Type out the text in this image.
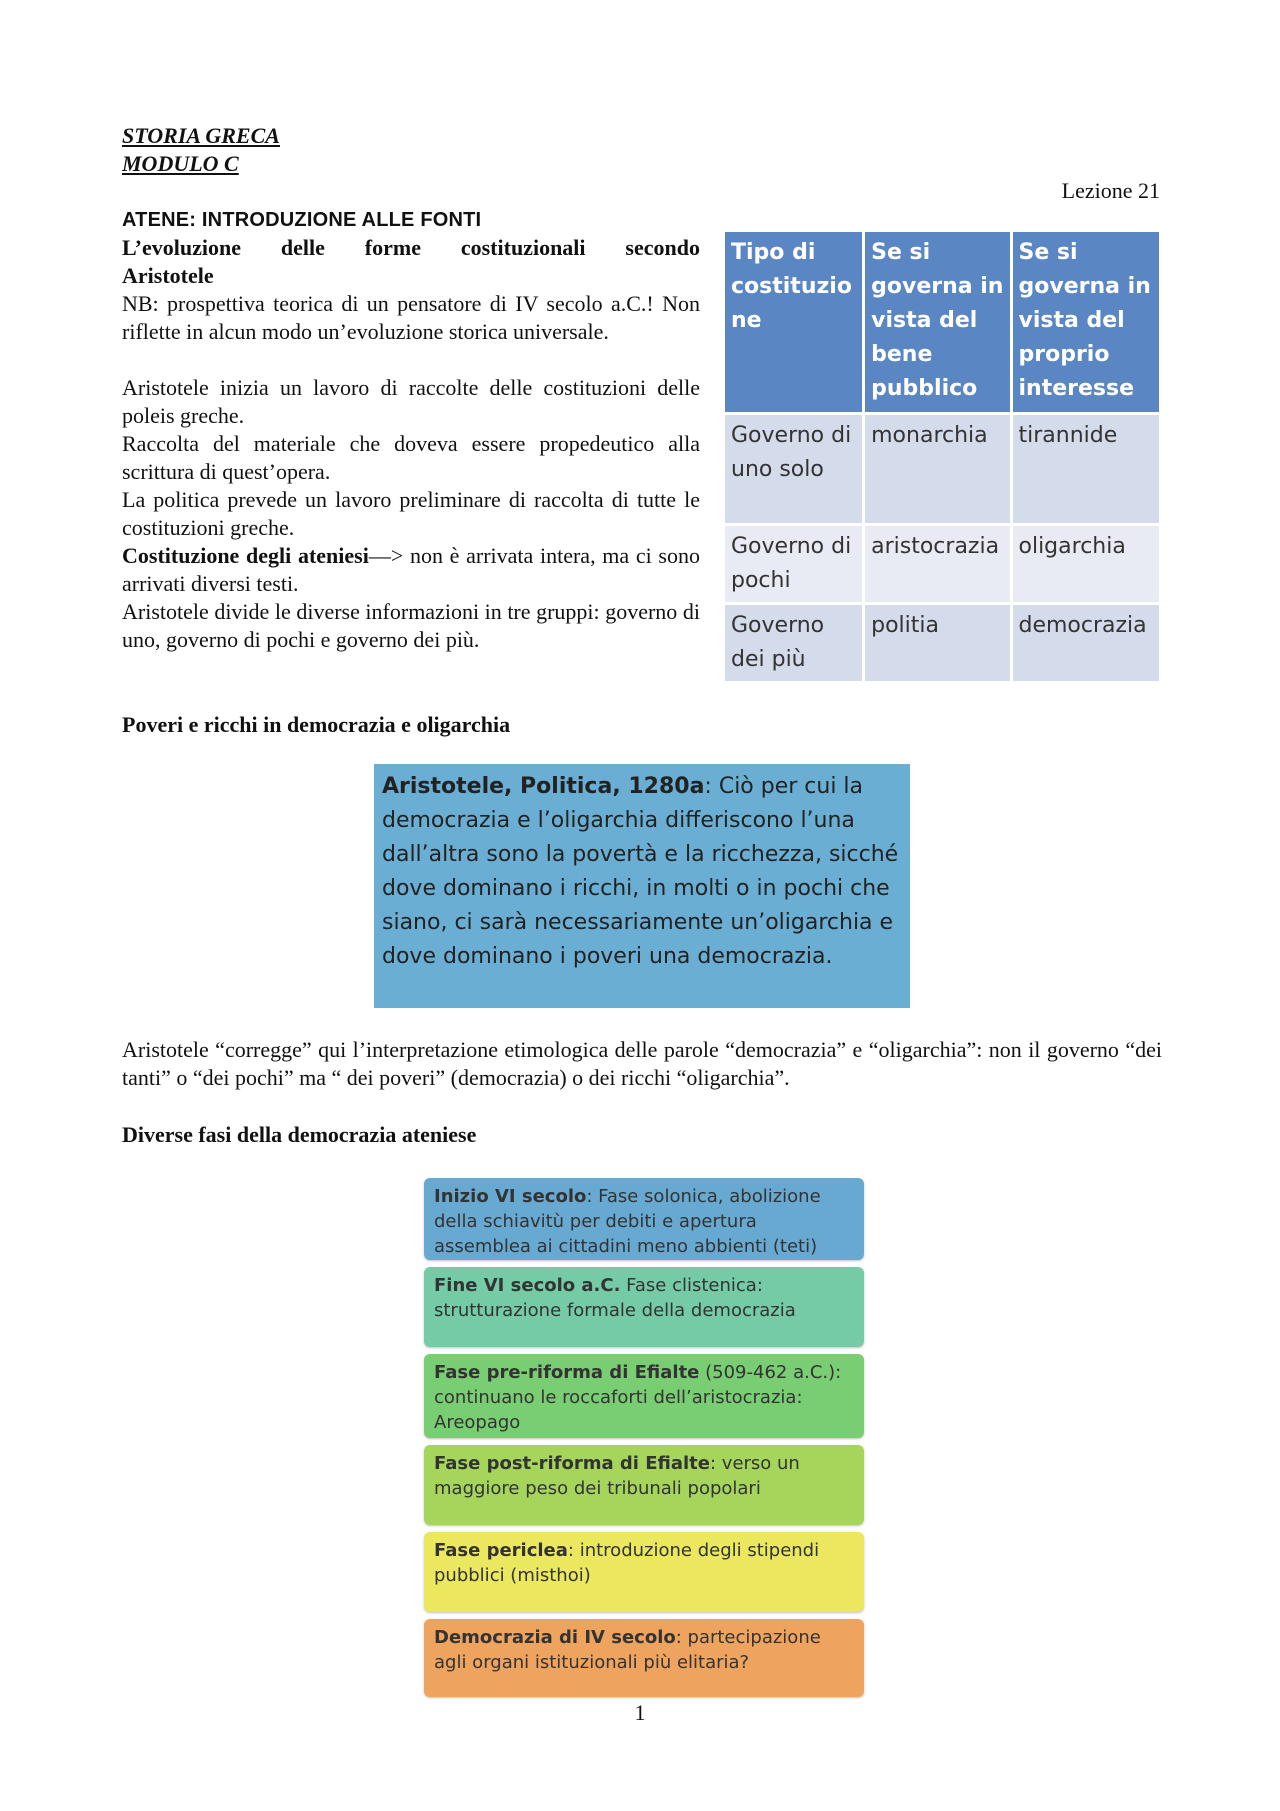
STORIA GRECA
MODULO C
Lezione 21

ATENE: INTRODUZIONE ALLE FONTI

L’evoluzione delle forme costituzionali secondo

Aristotele

NB: prospettiva teorica di un pensatore di IV secolo a.C.! Non riflette in alcun modo un’evoluzione storica universale.

Aristotele inizia un lavoro di raccolte delle costituzioni delle poleis greche.

Raccolta del materiale che doveva essere propedeutico alla scrittura di quest’opera.

La politica prevede un lavoro preliminare di raccolta di tutte le costituzioni greche.

Costituzione degli ateniesi—> non è arrivata intera, ma ci sono arrivati diversi testi.

Aristotele divide le diverse informazioni in tre gruppi: governo di uno, governo di pochi e governo dei più.

Tipo di costituzio ne	Se si governa in vista del bene pubblico	Se si governa in vista del proprio interesse
Governo di uno solo	monarchia	tirannide
Governo di pochi	aristocrazia	oligarchia
Governo dei più	politia	democrazia
Poveri e ricchi in democrazia e oligarchia
Aristotele, Politica, 1280a: Ciò per cui la democrazia e l’oligarchia differiscono l’una dall’altra sono la povertà e la ricchezza, sicché dove dominano i ricchi, in molti o in pochi che siano, ci sarà necessariamente un’oligarchia e dove dominano i poveri una democrazia.
Aristotele “corregge” qui l’interpretazione etimologica delle parole “democrazia” e “oligarchia”: non il governo “dei tanti” o “dei pochi” ma “ dei poveri” (democrazia) o dei ricchi “oligarchia”.
Diverse fasi della democrazia ateniese
Inizio VI secolo: Fase solonica, abolizione della schiavitù per debiti e apertura assemblea ai cittadini meno abbienti (teti)
Fine VI secolo a.C. Fase clistenica: strutturazione formale della democrazia
Fase pre-riforma di Efialte (509-462 a.C.): continuano le roccaforti dell’aristocrazia: Areopago
Fase post-riforma di Efialte: verso un maggiore peso dei tribunali popolari
Fase periclea: introduzione degli stipendi pubblici (misthoi)
Democrazia di IV secolo: partecipazione agli organi istituzionali più elitaria?
1
